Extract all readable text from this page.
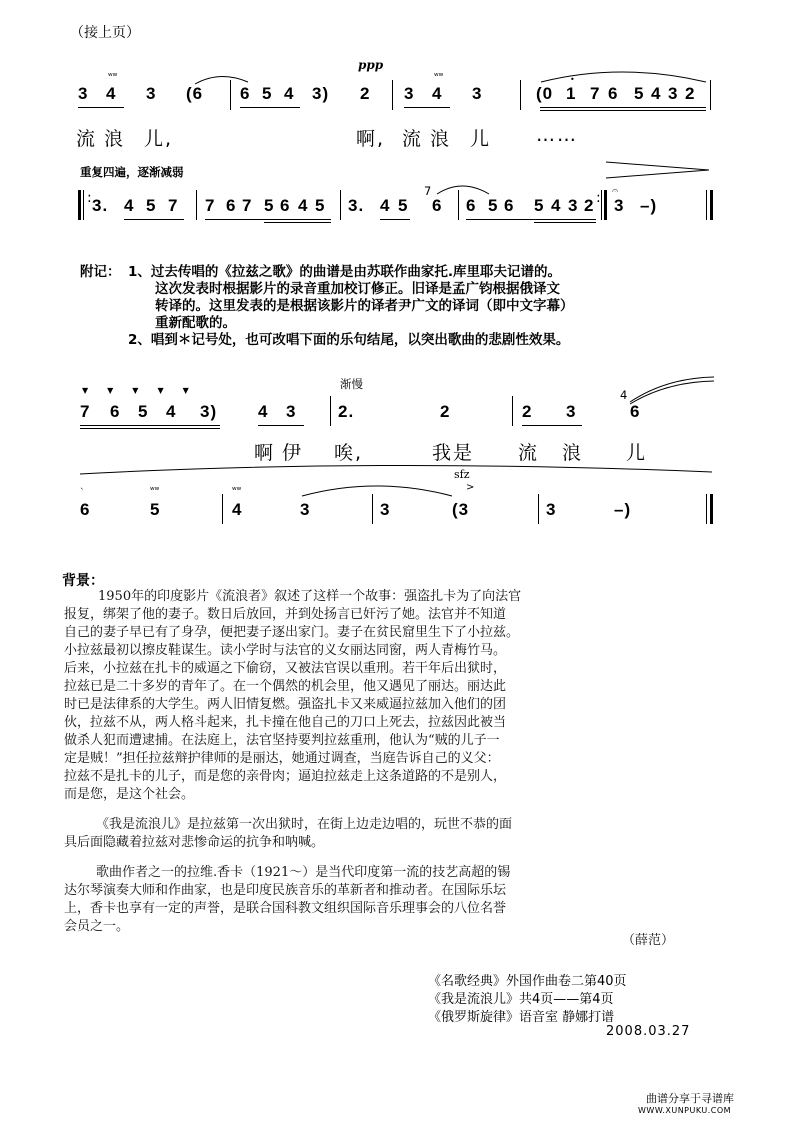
（接上页）
ppp
3 4
ʷʷ
3 (6 6 5 4 3) 2 3 4
ʷʷ
3	(0 1
•
7 6 5 4 3 2
流 浪 儿,	啊, 流 浪 儿 ……
重复四遍，逐渐减弱
: 3. 4 5 7 7 6 7 5 6 4 5 3. 4 5
7
6 6 5 6 5 4 3 2 : 𝄐
3 –)
附记： 1、过去传唱的《拉兹之歌》的曲谱是由苏联作曲家托.库里耶夫记谱的。
这次发表时根据影片的录音重加校订修正。旧译是孟广钧根据俄译文
转译的。这里发表的是根据该影片的译者尹广文的译词（即中文字幕）
重新配歌的。
2、唱到＊记号处，也可改唱下面的乐句结尾，以突出歌曲的悲剧性效果。
渐慢
▼▼▼▼▼
7 6 5 4 3) 4 3 2.	2	2 3
4
6
啊 伊 唉,	我是 流 浪 儿
sfz
>
ˋ	ʷʷ	ʷʷ
6	5	4	3	3	(3	3	–)
背景：
1950年的印度影片《流浪者》叙述了这样一个故事：强盗扎卡为了向法官
报复，绑架了他的妻子。数日后放回，并到处扬言已奸污了她。法官并不知道
自己的妻子早已有了身孕，便把妻子逐出家门。妻子在贫民窟里生下了小拉兹。
小拉兹最初以擦皮鞋谋生。读小学时与法官的义女丽达同窗，两人青梅竹马。
后来，小拉兹在扎卡的威逼之下偷窃，又被法官误以重刑。若干年后出狱时，
拉兹已是二十多岁的青年了。在一个偶然的机会里，他又遇见了丽达。丽达此
时已是法律系的大学生。两人旧情复燃。强盗扎卡又来威逼拉兹加入他们的团
伙，拉兹不从，两人格斗起来，扎卡撞在他自己的刀口上死去，拉兹因此被当
做杀人犯而遭逮捕。在法庭上，法官坚持要判拉兹重刑，他认为“贼的儿子一
定是贼！”担任拉兹辩护律师的是丽达，她通过调查，当庭告诉自己的义父：
拉兹不是扎卡的儿子，而是您的亲骨肉；逼迫拉兹走上这条道路的不是别人，
而是您，是这个社会。
《我是流浪儿》是拉兹第一次出狱时，在街上边走边唱的，玩世不恭的面
具后面隐藏着拉兹对悲惨命运的抗争和呐喊。
歌曲作者之一的拉维.香卡（1921～）是当代印度第一流的技艺高超的锡
达尔琴演奏大师和作曲家，也是印度民族音乐的革新者和推动者。在国际乐坛
上，香卡也享有一定的声誉，是联合国科教文组织国际音乐理事会的八位名誉
会员之一。
（薛范）
《名歌经典》外国作曲卷二第40页
《我是流浪儿》共4页——第4页
《俄罗斯旋律》语音室 静娜打谱
2008.03.27
曲谱分享于寻谱库
WWW.XUNPUKU.COM
